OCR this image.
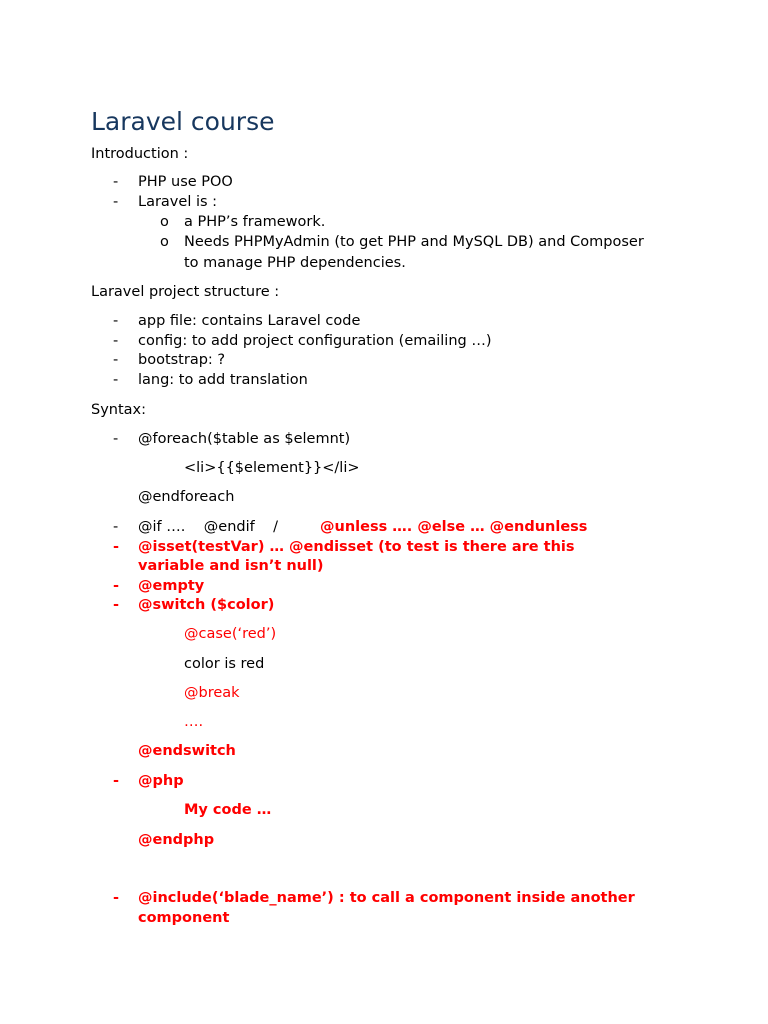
Laravel course
Introduction :
- PHP use POO
- Laravel is :
o a PHP’s framework.
o Needs PHPMyAdmin (to get PHP and MySQL DB) and Composer
to manage PHP dependencies.
Laravel project structure :
- app file: contains Laravel code
- config: to add project configuration (emailing …)
- bootstrap: ?
- lang: to add translation
Syntax:
- @foreach($table as $elemnt)
<li>{{$element}}</li>
@endforeach
- @if ….    @endif    /	@unless …. @else … @endunless
- @isset(testVar) … @endisset (to test is there are this
variable and isn’t null)
- @empty
- @switch ($color)
@case(‘red’)
color is red
@break
….
@endswitch
- @php
My code …
@endphp
- @include(‘blade_name’) : to call a component inside another
component
